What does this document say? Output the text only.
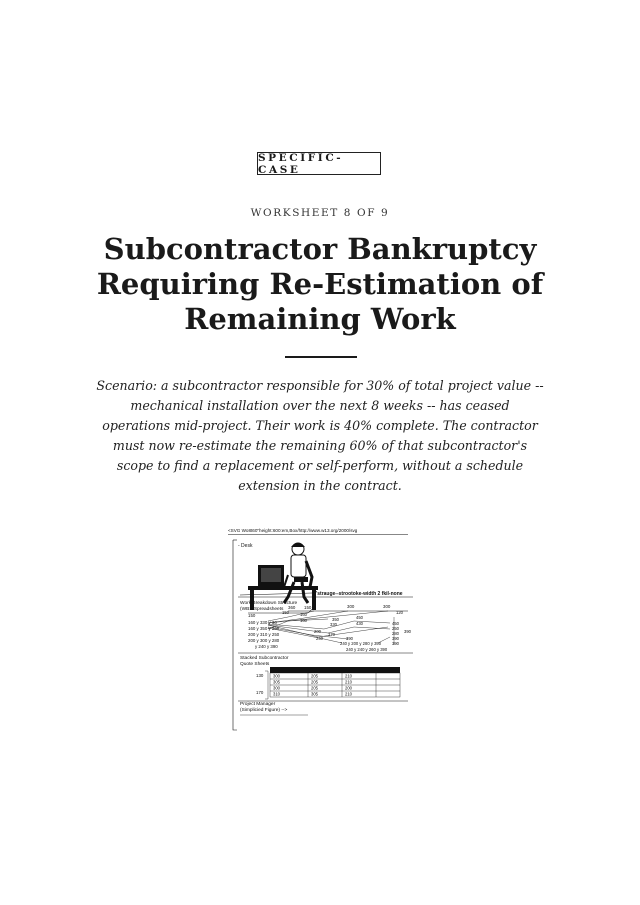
SPECIFIC-CASE
WORKSHEET 8 OF 9
Subcontractor Bankruptcy Requiring Re-Estimation of Remaining Work
Scenario: a subcontractor responsible for 30% of total project value -- mechanical installation over the next 8 weeks -- has ceased operations mid-project. Their work is 40% complete. The contractor must now re-estimate the remaining 60% of that subcontractor's scope to find a replacement or self-perform, without a schedule extension in the contract.
<SVG Wo8t60"height:600:em,Box/http://www.w13.org/2000/svg
- Desk
g'strauge--strootoke-width 2 fkil-none
Work Breakdown Structure
(WBS Spreadsheets 360 150	300	300
150
160 y 330 y 30
160 y 350 y 260
200 y 310 y 250
200 y 300 y 280
y 240 y 390
150	160
160	350
330
200
370
240	390
240
120
450
430	450
250
280
390
390
390
y 200 y 280 y 390
240 y 240 y 260 y 390
Stacked Subcontractor
Quote Sheets
130
170
300	205	210
305	205	210
300	205	200
310	305	210
Project Manager
(Simplicied Figure) -->
